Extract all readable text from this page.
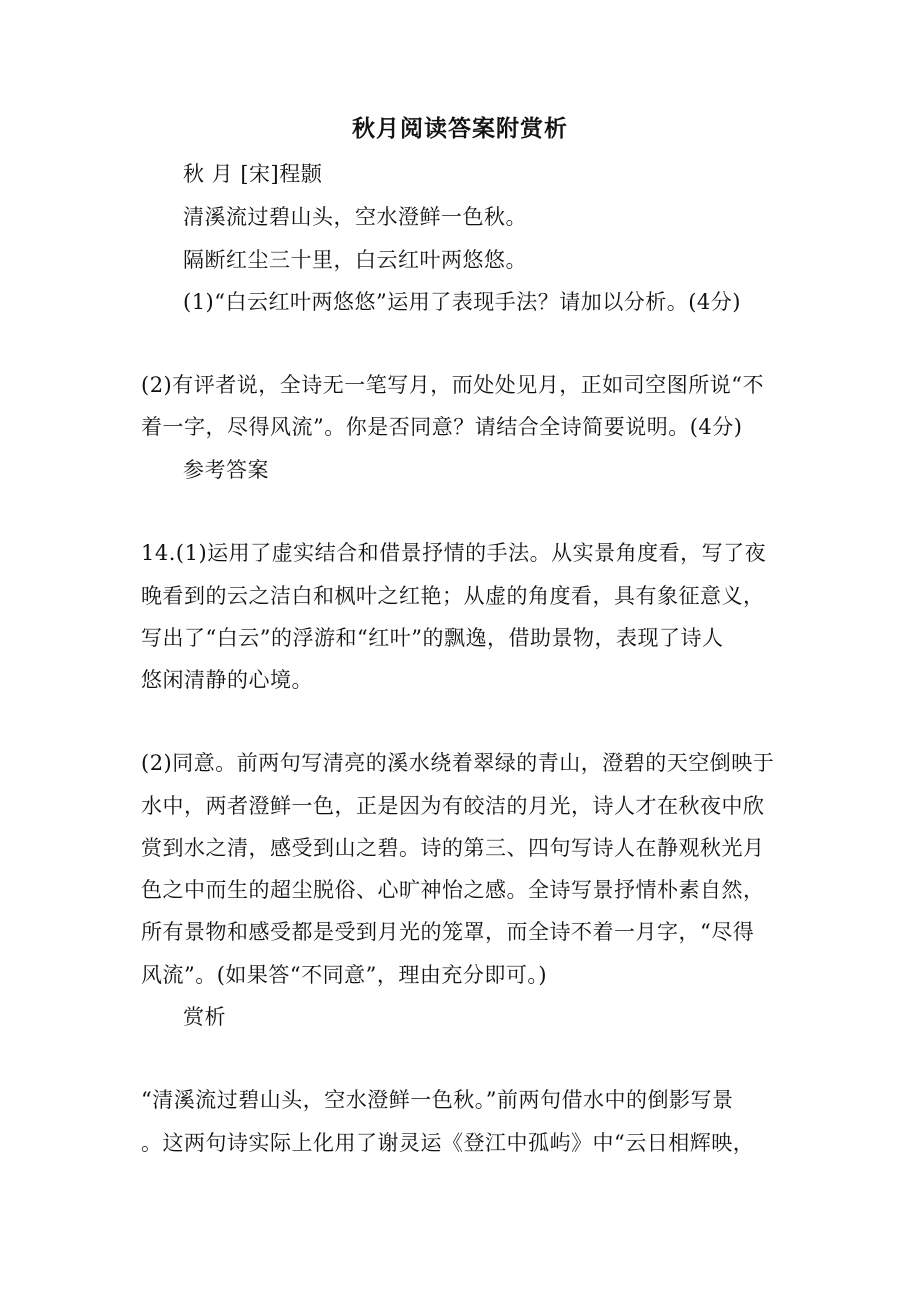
秋月阅读答案附赏析
秋 月 [宋]程颢
清溪流过碧山头，空水澄鲜一色秋。
隔断红尘三十里，白云红叶两悠悠。
(1)“白云红叶两悠悠”运用了表现手法？请加以分析。(4分)
(2)有评者说，全诗无一笔写月，而处处见月，正如司空图所说“不
着一字，尽得风流”。你是否同意？请结合全诗简要说明。(4分)
参考答案
14.(1)运用了虚实结合和借景抒情的手法。从实景角度看，写了夜
晚看到的云之洁白和枫叶之红艳；从虚的角度看，具有象征意义，
写出了“白云”的浮游和“红叶”的飘逸，借助景物，表现了诗人
悠闲清静的心境。
(2)同意。前两句写清亮的溪水绕着翠绿的青山，澄碧的天空倒映于
水中，两者澄鲜一色，正是因为有皎洁的月光，诗人才在秋夜中欣
赏到水之清，感受到山之碧。诗的第三、四句写诗人在静观秋光月
色之中而生的超尘脱俗、心旷神怡之感。全诗写景抒情朴素自然，
所有景物和感受都是受到月光的笼罩，而全诗不着一月字，“尽得
风流”。(如果答“不同意”，理由充分即可。)
赏析
“清溪流过碧山头，空水澄鲜一色秋。”前两句借水中的倒影写景
。这两句诗实际上化用了谢灵运《登江中孤屿》中“云日相辉映，
